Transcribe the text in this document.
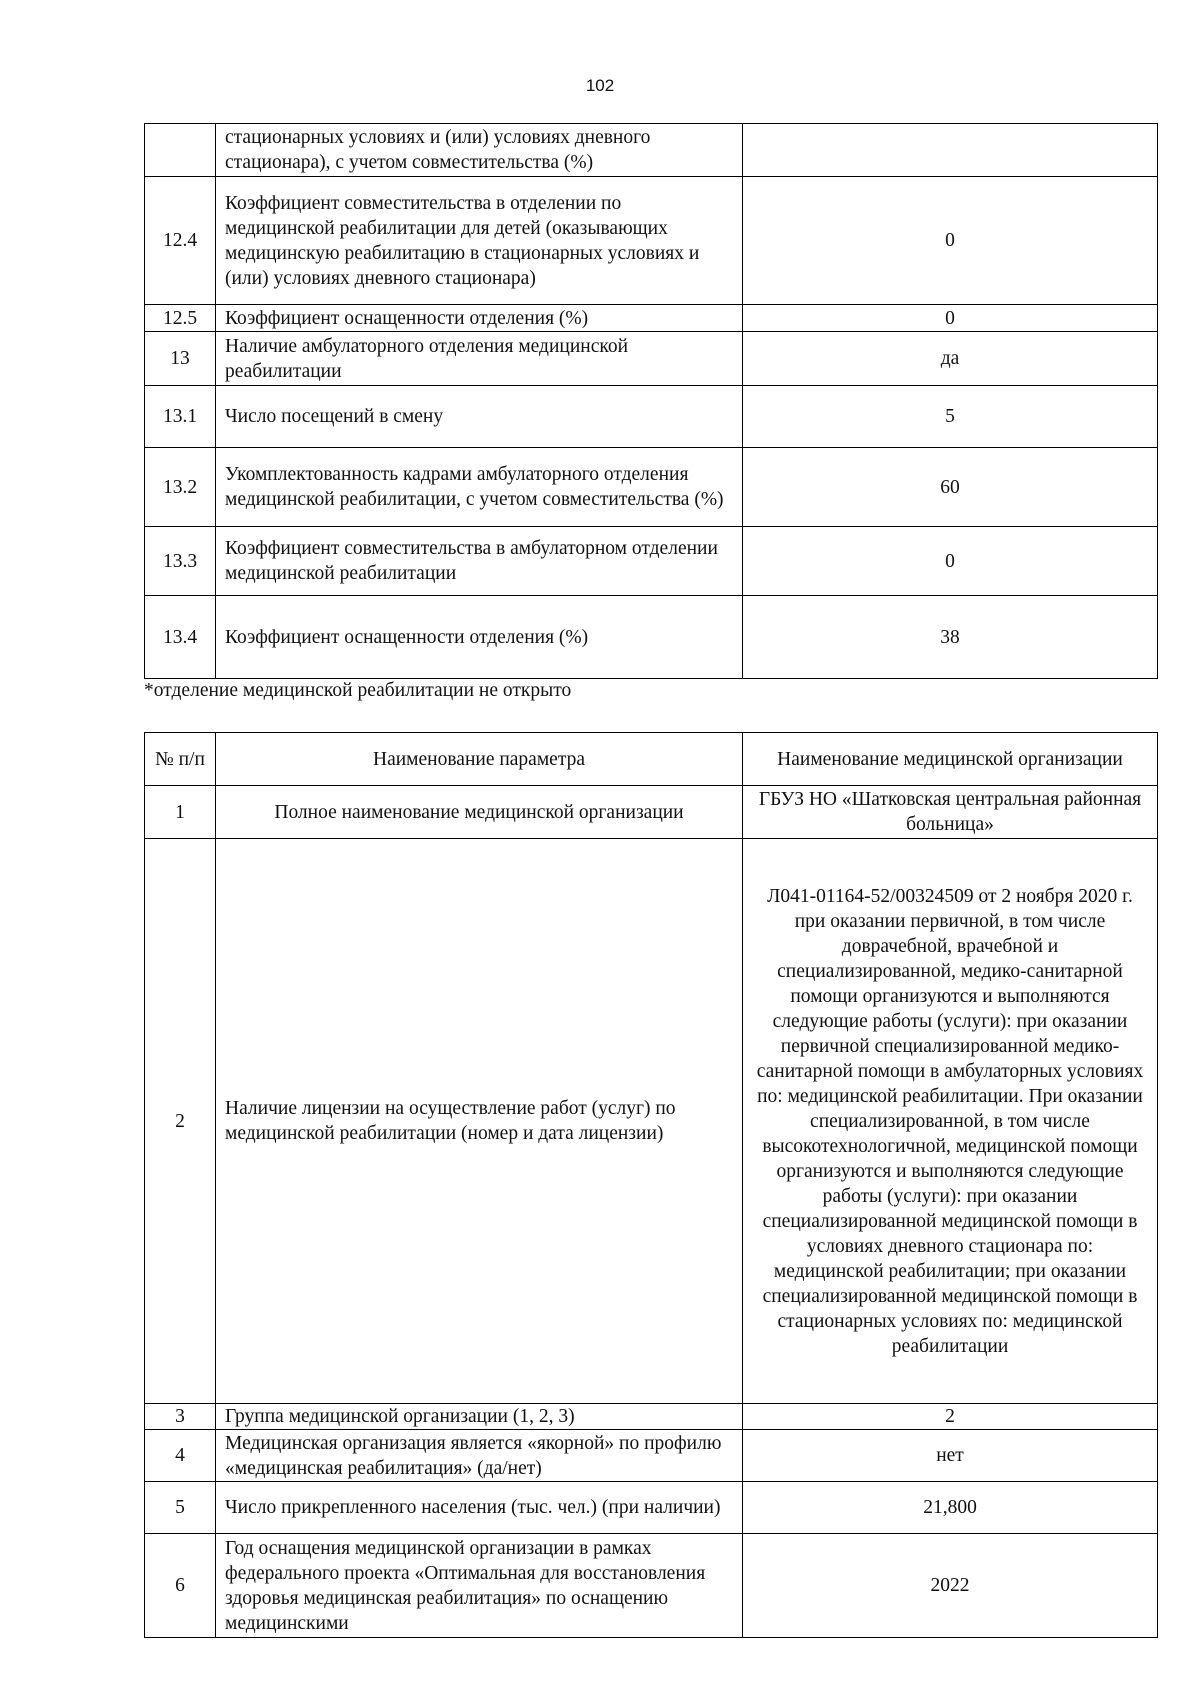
102
	стационарных условиях и (или) условиях дневного стационара), с учетом совместительства (%)	
12.4	Коэффициент совместительства в отделении по медицинской реабилитации для детей (оказывающих медицинскую реабилитацию в стационарных условиях и (или) условиях дневного стационара)	0
12.5	Коэффициент оснащенности отделения (%)	0
13	Наличие амбулаторного отделения медицинской реабилитации	да
13.1	Число посещений в смену	5
13.2	Укомплектованность кадрами амбулаторного отделения медицинской реабилитации, с учетом совместительства (%)	60
13.3	Коэффициент совместительства в амбулаторном отделении медицинской реабилитации	0
13.4	Коэффициент оснащенности отделения (%)	38
*отделение медицинской реабилитации не открыто
№ п/п	Наименование параметра	Наименование медицинской организации
1	Полное наименование медицинской организации	ГБУЗ НО «Шатковская центральная районная больница»
2	Наличие лицензии на осуществление работ (услуг) по медицинской реабилитации (номер и дата лицензии)	Л041-01164-52/00324509 от 2 ноября 2020 г. при оказании первичной, в том числе доврачебной, врачебной и специализированной, медико-санитарной помощи организуются и выполняются следующие работы (услуги): при оказании первичной специализированной медико-санитарной помощи в амбулаторных условиях по: медицинской реабилитации. При оказании специализированной, в том числе высокотехнологичной, медицинской помощи организуются и выполняются следующие работы (услуги): при оказании специализированной медицинской помощи в условиях дневного стационара по: медицинской реабилитации; при оказании специализированной медицинской помощи в стационарных условиях по: медицинской реабилитации
3	Группа медицинской организации (1, 2, 3)	2
4	Медицинская организация является «якорной» по профилю «медицинская реабилитация» (да/нет)	нет
5	Число прикрепленного населения (тыс. чел.) (при наличии)	21,800
6	Год оснащения медицинской организации в рамках федерального проекта «Оптимальная для восстановления здоровья медицинская реабилитация» по оснащению медицинскими	2022
